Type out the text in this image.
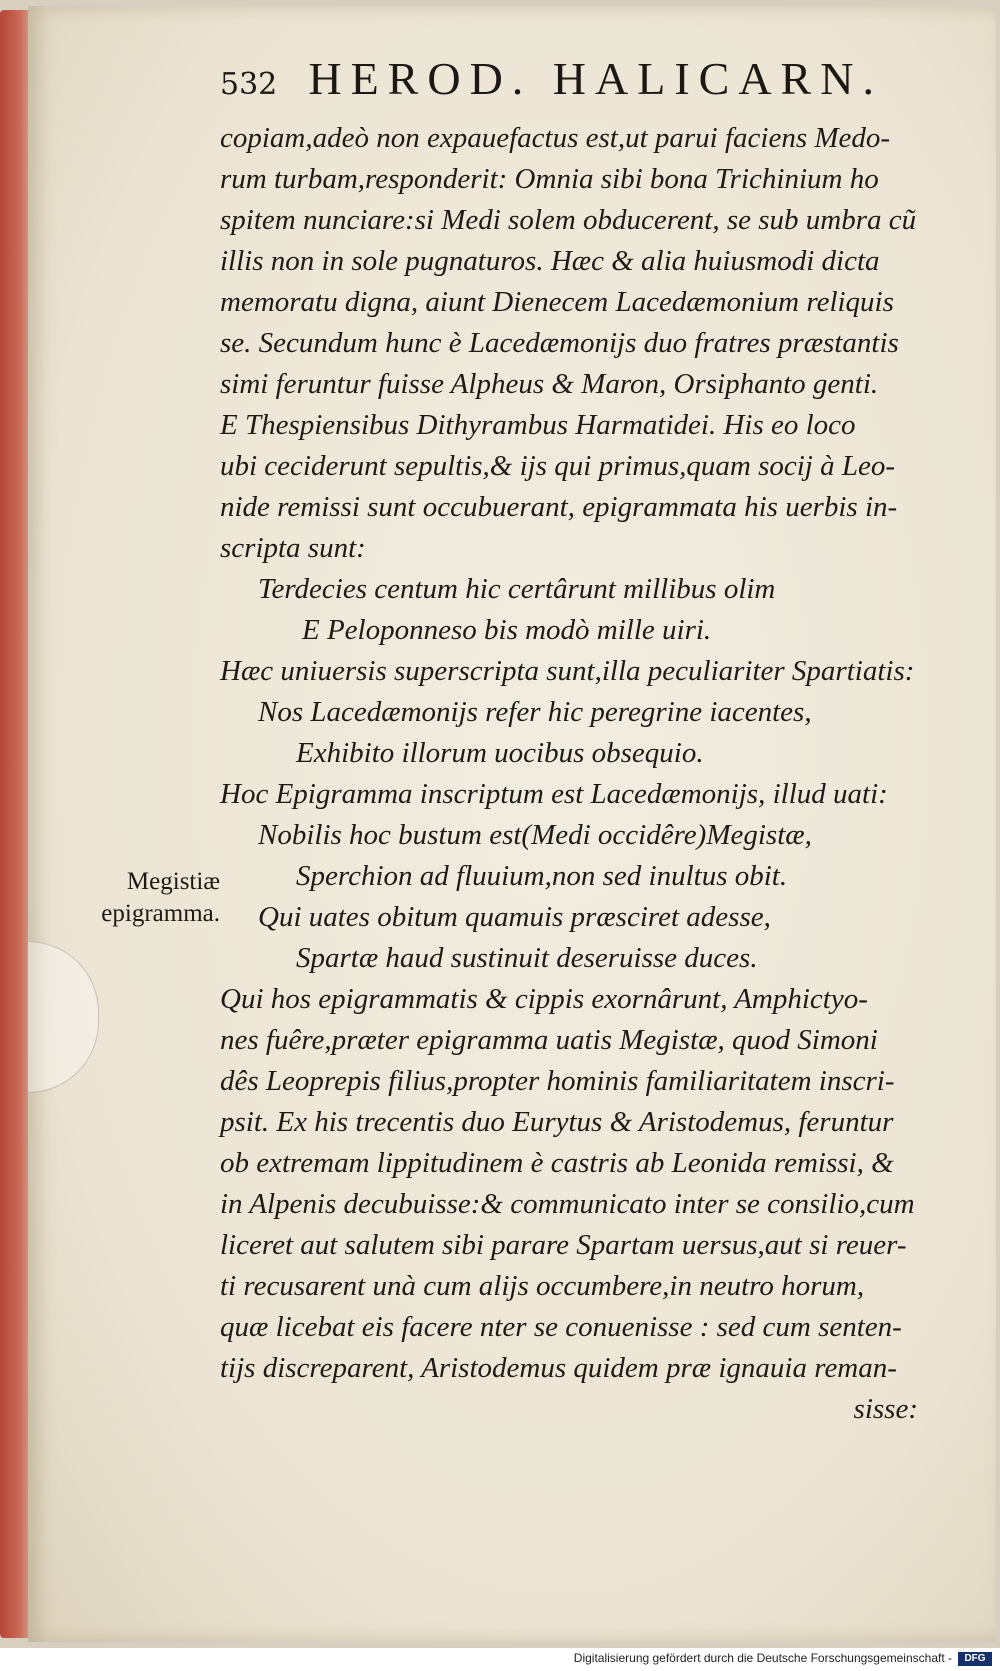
532 HEROD. HALICARN.
copiam,adeò non expauefactus est,ut parui faciens Medo-
rum turbam,responderit: Omnia sibi bona Trichinium ho
spitem nunciare:si Medi solem obducerent, se sub umbra cũ
illis non in sole pugnaturos. Hæc & alia huiusmodi dicta
memoratu digna, aiunt Dienecem Lacedæmonium reliquis
se. Secundum hunc è Lacedæmonijs duo fratres præstantis
simi feruntur fuisse Alpheus & Maron, Orsiphanto genti.
E Thespiensibus Dithyrambus Harmatidei. His eo loco
ubi ceciderunt sepultis,& ijs qui primus,quam socij à Leo-
nide remissi sunt occubuerant, epigrammata his uerbis in-
scripta sunt:
Terdecies centum hic certârunt millibus olim
E Peloponneso bis modò mille uiri.
Hæc uniuersis superscripta sunt,illa peculiariter Spartiatis:
Nos Lacedæmonijs refer hic peregrine iacentes,
Exhibito illorum uocibus obsequio.
Hoc Epigramma inscriptum est Lacedæmonijs, illud uati:
Nobilis hoc bustum est(Medi occidêre)Megistæ,
Sperchion ad fluuium,non sed inultus obit.
Qui uates obitum quamuis præsciret adesse,
Spartæ haud sustinuit deseruisse duces.
Qui hos epigrammatis & cippis exornârunt, Amphictyo-
nes fuêre,præter epigramma uatis Megistæ, quod Simoni
dês Leoprepis filius,propter hominis familiaritatem inscri-
psit. Ex his trecentis duo Eurytus & Aristodemus, feruntur
ob extremam lippitudinem è castris ab Leonida remissi, &
in Alpenis decubuisse:& communicato inter se consilio,cum
liceret aut salutem sibi parare Spartam uersus,aut si reuer-
ti recusarent unà cum alijs occumbere,in neutro horum,
quæ licebat eis facere nter se conuenisse : sed cum senten-
tijs discreparent, Aristodemus quidem præ ignauia reman-
sisse:
Megistiæ
epigramma.
Digitalisierung gefördert durch die Deutsche Forschungsgemeinschaft -	DFG
